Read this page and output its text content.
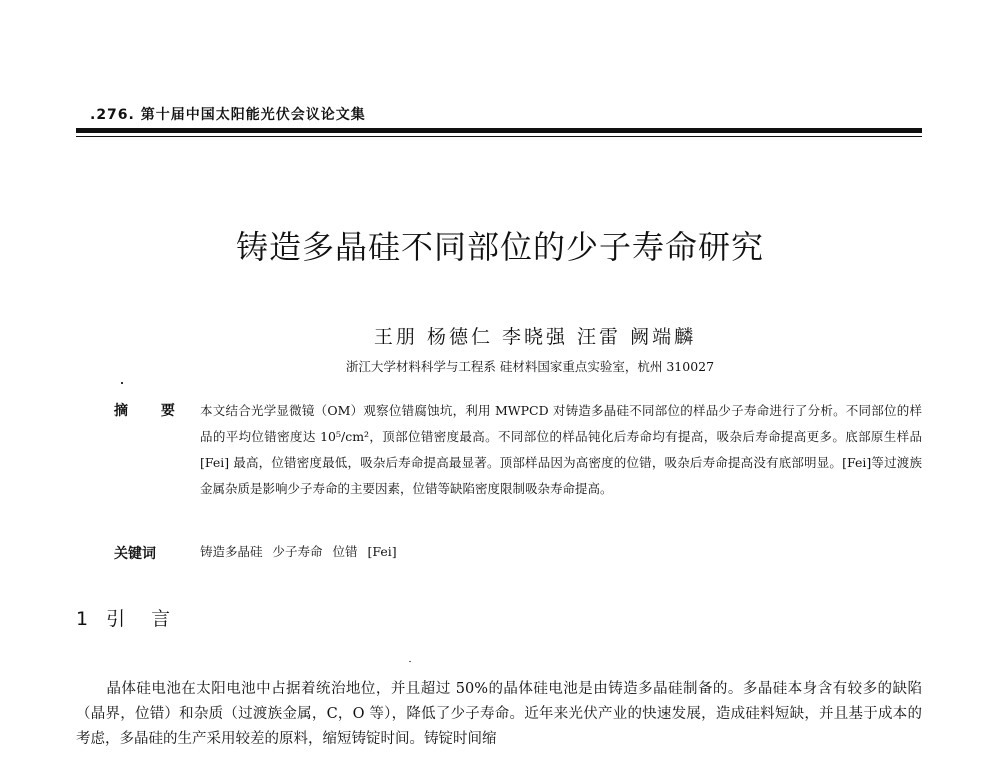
.276. 第十届中国太阳能光伏会议论文集
铸造多晶硅不同部位的少子寿命研究
王朋 杨德仁 李晓强 汪雷 阙端麟
浙江大学材料科学与工程系 硅材料国家重点实验室，杭州 310027
摘 要 本文结合光学显微镜（OM）观察位错腐蚀坑，利用 MWPCD 对铸造多晶硅不同部位的样品少子寿命进行了分析。不同部位的样品的平均位错密度达 10⁵/cm²，顶部位错密度最高。不同部位的样品钝化后寿命均有提高，吸杂后寿命提高更多。底部原生样品 [Fei] 最高，位错密度最低，吸杂后寿命提高最显著。顶部样品因为高密度的位错，吸杂后寿命提高没有底部明显。[Fei]等过渡族金属杂质是影响少子寿命的主要因素，位错等缺陷密度限制吸杂寿命提高。

关键词	铸造多晶硅 少子寿命 位错 [Fei]
1 引 言

晶体硅电池在太阳电池中占据着统治地位，并且超过 50%的晶体硅电池是由铸造多晶硅制备的。多晶硅本身含有较多的缺陷（晶界，位错）和杂质（过渡族金属，C，O 等），降低了少子寿命。近年来光伏产业的快速发展，造成硅料短缺，并且基于成本的考虑，多晶硅的生产采用较差的原料，缩短铸锭时间。铸锭时间缩
